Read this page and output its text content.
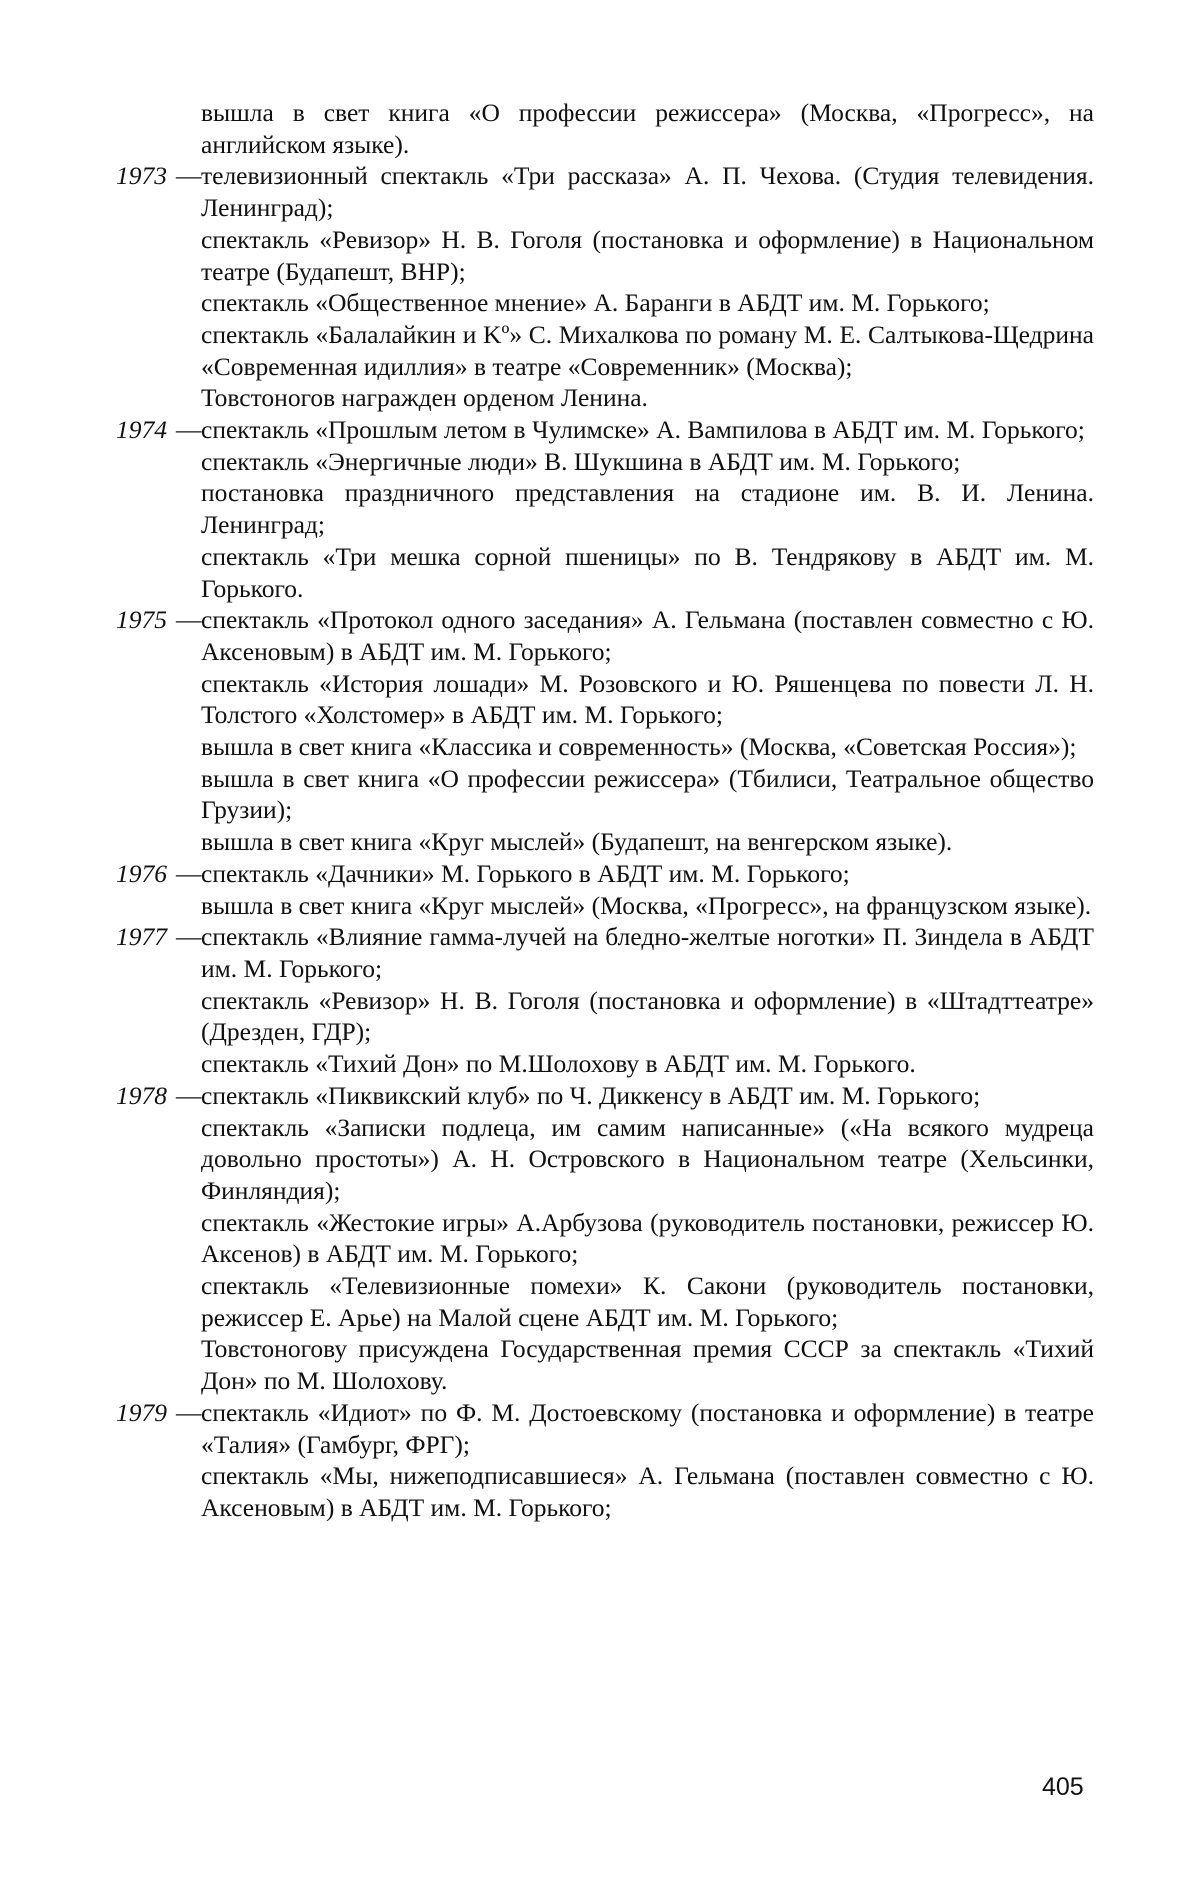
вышла в свет книга «О профессии режиссера» (Москва, «Прогресс», на английском языке).

1973 — телевизионный спектакль «Три рассказа» А. П. Чехова. (Студия телевидения. Ленинград);

спектакль «Ревизор» Н. В. Гоголя (постановка и оформление) в Национальном театре (Будапешт, ВНР);

спектакль «Общественное мнение» А. Баранги в АБДТ им. М. Горького;

спектакль «Балалайкин и Kº» С. Михалкова по роману М. Е. Салтыкова-Щедрина «Современная идиллия» в театре «Современник» (Москва);

Товстоногов награжден орденом Ленина.

1974 — спектакль «Прошлым летом в Чулимске» А. Вампилова в АБДТ им. М. Горького;

спектакль «Энергичные люди» В. Шукшина в АБДТ им. М. Горького;

постановка праздничного представления на стадионе им. В. И. Ленина. Ленинград;

спектакль «Три мешка сорной пшеницы» по В. Тендрякову в АБДТ им. М. Горького.

1975 — спектакль «Протокол одного заседания» А. Гельмана (поставлен совместно с Ю. Аксеновым) в АБДТ им. М. Горького;

спектакль «История лошади» М. Розовского и Ю. Ряшенцева по повести Л. Н. Толстого «Холстомер» в АБДТ им. М. Горького;

вышла в свет книга «Классика и современность» (Москва, «Советская Россия»);

вышла в свет книга «О профессии режиссера» (Тбилиси, Театральное общество Грузии);

вышла в свет книга «Круг мыслей» (Будапешт, на венгерском языке).

1976 — спектакль «Дачники» М. Горького в АБДТ им. М. Горького;

вышла в свет книга «Круг мыслей» (Москва, «Прогресс», на французском языке).

1977 — спектакль «Влияние гамма-лучей на бледно-желтые ноготки» П. Зиндела в АБДТ им. М. Горького;

спектакль «Ревизор» Н. В. Гоголя (постановка и оформление) в «Штадттеатре» (Дрезден, ГДР);

спектакль «Тихий Дон» по М.Шолохову в АБДТ им. М. Горького.

1978 — спектакль «Пиквикский клуб» по Ч. Диккенсу в АБДТ им. М. Горького;

спектакль «Записки подлеца, им самим написанные» («На всякого мудреца довольно простоты») А. Н. Островского в Национальном театре (Хельсинки, Финляндия);

спектакль «Жестокие игры» А.Арбузова (руководитель постановки, режиссер Ю. Аксенов) в АБДТ им. М. Горького;

спектакль «Телевизионные помехи» К. Сакони (руководитель постановки, режиссер Е. Арье) на Малой сцене АБДТ им. М. Горького;

Товстоногову присуждена Государственная премия СССР за спектакль «Тихий Дон» по М. Шолохову.

1979 — спектакль «Идиот» по Ф. М. Достоевскому (постановка и оформление) в театре «Талия» (Гамбург, ФРГ);

спектакль «Мы, нижеподписавшиеся» А. Гельмана (поставлен совместно с Ю. Аксеновым) в АБДТ им. М. Горького;

405
